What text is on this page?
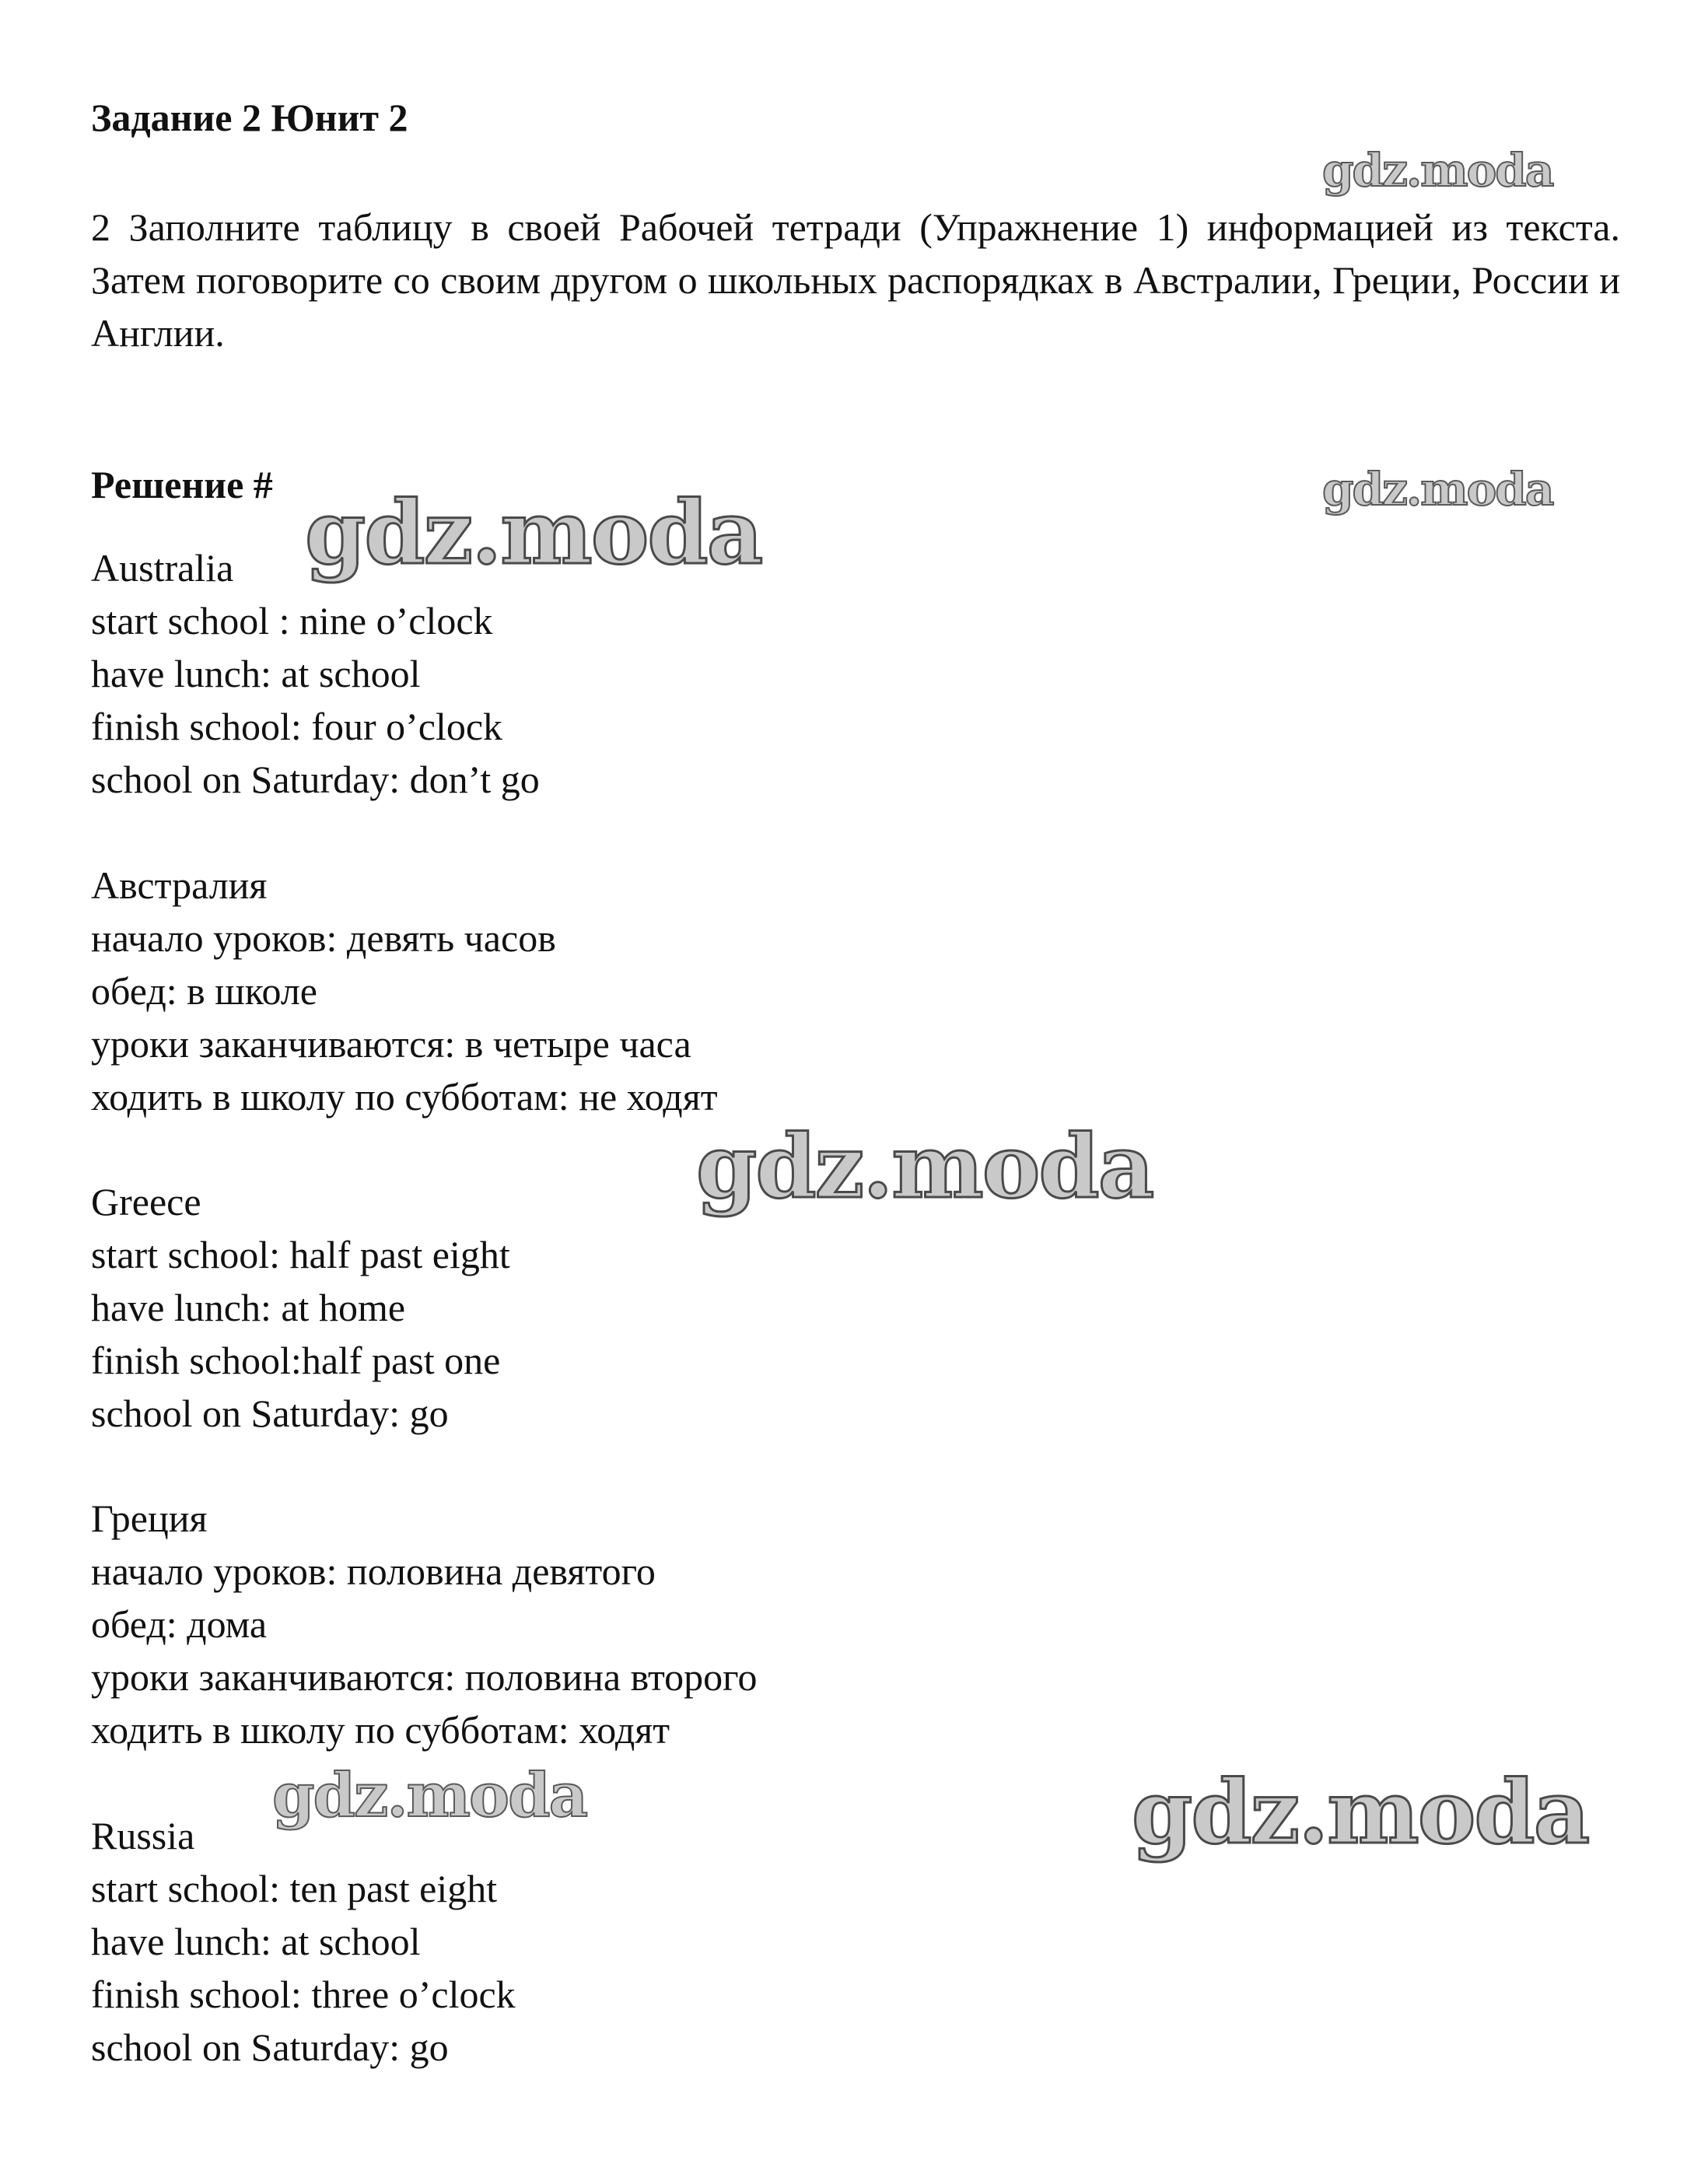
Задание 2 Юнит 2

2 Заполните таблицу в своей Рабочей тетради (Упражнение 1) информацией из текста. Затем поговорите со своим другом о школьных распорядках в Австралии, Греции, России и Англии.

Решение #
Australia
start school : nine o’clock
have lunch: at school
finish school: four o’clock
school on Saturday: don’t go
Австралия
начало уроков: девять часов
обед: в школе
уроки заканчиваются: в четыре часа
ходить в школу по субботам: не ходят
Greece
start school: half past eight
have lunch: at home
finish school:half past one
school on Saturday: go
Греция
начало уроков: половина девятого
обед: дома
уроки заканчиваются: половина второго
ходить в школу по субботам: ходят
Russia
start school: ten past eight
have lunch: at school
finish school: three o’clock
school on Saturday: go
gdz.moda
gdz.moda
gdz.moda
gdz.moda
gdz.moda	gdz.moda
